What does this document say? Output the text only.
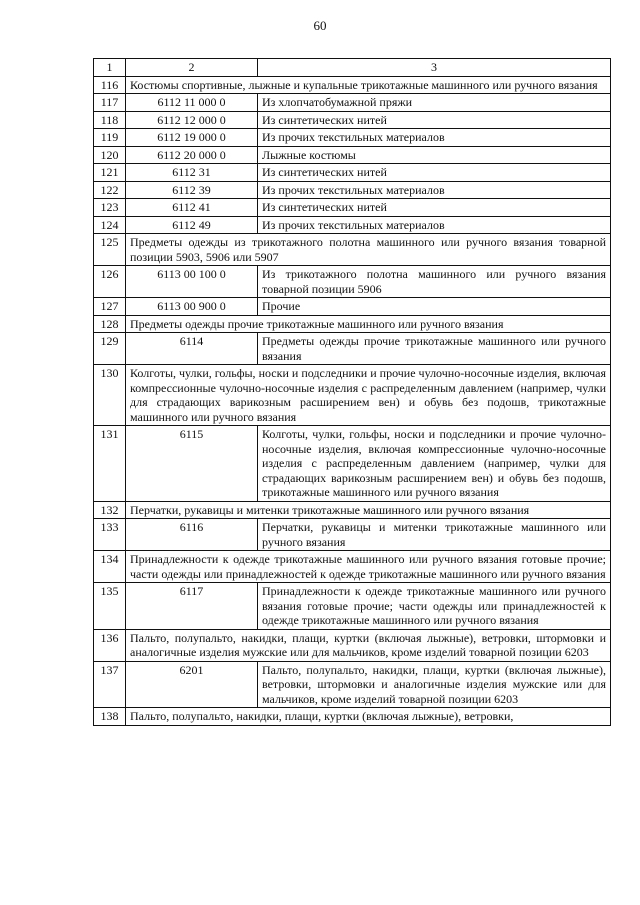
60
1	2	3
116	Костюмы спортивные, лыжные и купальные трикотажные машинного или ручного вязания	
117	6112 11 000 0	Из хлопчатобумажной пряжи
118	6112 12 000 0	Из синтетических нитей
119	6112 19 000 0	Из прочих текстильных материалов
120	6112 20 000 0	Лыжные костюмы
121	6112 31	Из синтетических нитей
122	6112 39	Из прочих текстильных материалов
123	6112 41	Из синтетических нитей
124	6112 49	Из прочих текстильных материалов
125	Предметы одежды из трикотажного полотна машинного или ручного вязания товарной позиции 5903, 5906 или 5907	
126	6113 00 100 0	Из трикотажного полотна машинного или ручного вязания товарной позиции 5906
127	6113 00 900 0	Прочие
128	Предметы одежды прочие трикотажные машинного или ручного вязания	
129	6114	Предметы одежды прочие трикотажные машинного или ручного вязания
130	Колготы, чулки, гольфы, носки и подследники и прочие чулочно-носочные изделия, включая компрессионные чулочно-носочные изделия с распределенным давлением (например, чулки для страдающих варикозным расширением вен) и обувь без подошв, трикотажные машинного или ручного вязания	
131	6115	Колготы, чулки, гольфы, носки и подследники и прочие чулочно-носочные изделия, включая компрессионные чулочно-носочные изделия с распределенным давлением (например, чулки для страдающих варикозным расширением вен) и обувь без подошв, трикотажные машинного или ручного вязания
132	Перчатки, рукавицы и митенки трикотажные машинного или ручного вязания	
133	6116	Перчатки, рукавицы и митенки трикотажные машинного или ручного вязания
134	Принадлежности к одежде трикотажные машинного или ручного вязания готовые прочие; части одежды или принадлежностей к одежде трикотажные машинного или ручного вязания	
135	6117	Принадлежности к одежде трикотажные машинного или ручного вязания готовые прочие; части одежды или принадлежностей к одежде трикотажные машинного или ручного вязания
136	Пальто, полупальто, накидки, плащи, куртки (включая лыжные), ветровки, штормовки и аналогичные изделия мужские или для мальчиков, кроме изделий товарной позиции 6203	
137	6201	Пальто, полупальто, накидки, плащи, куртки (включая лыжные), ветровки, штормовки и аналогичные изделия мужские или для мальчиков, кроме изделий товарной позиции 6203
138	Пальто, полупальто, накидки, плащи, куртки (включая лыжные), ветровки,	
